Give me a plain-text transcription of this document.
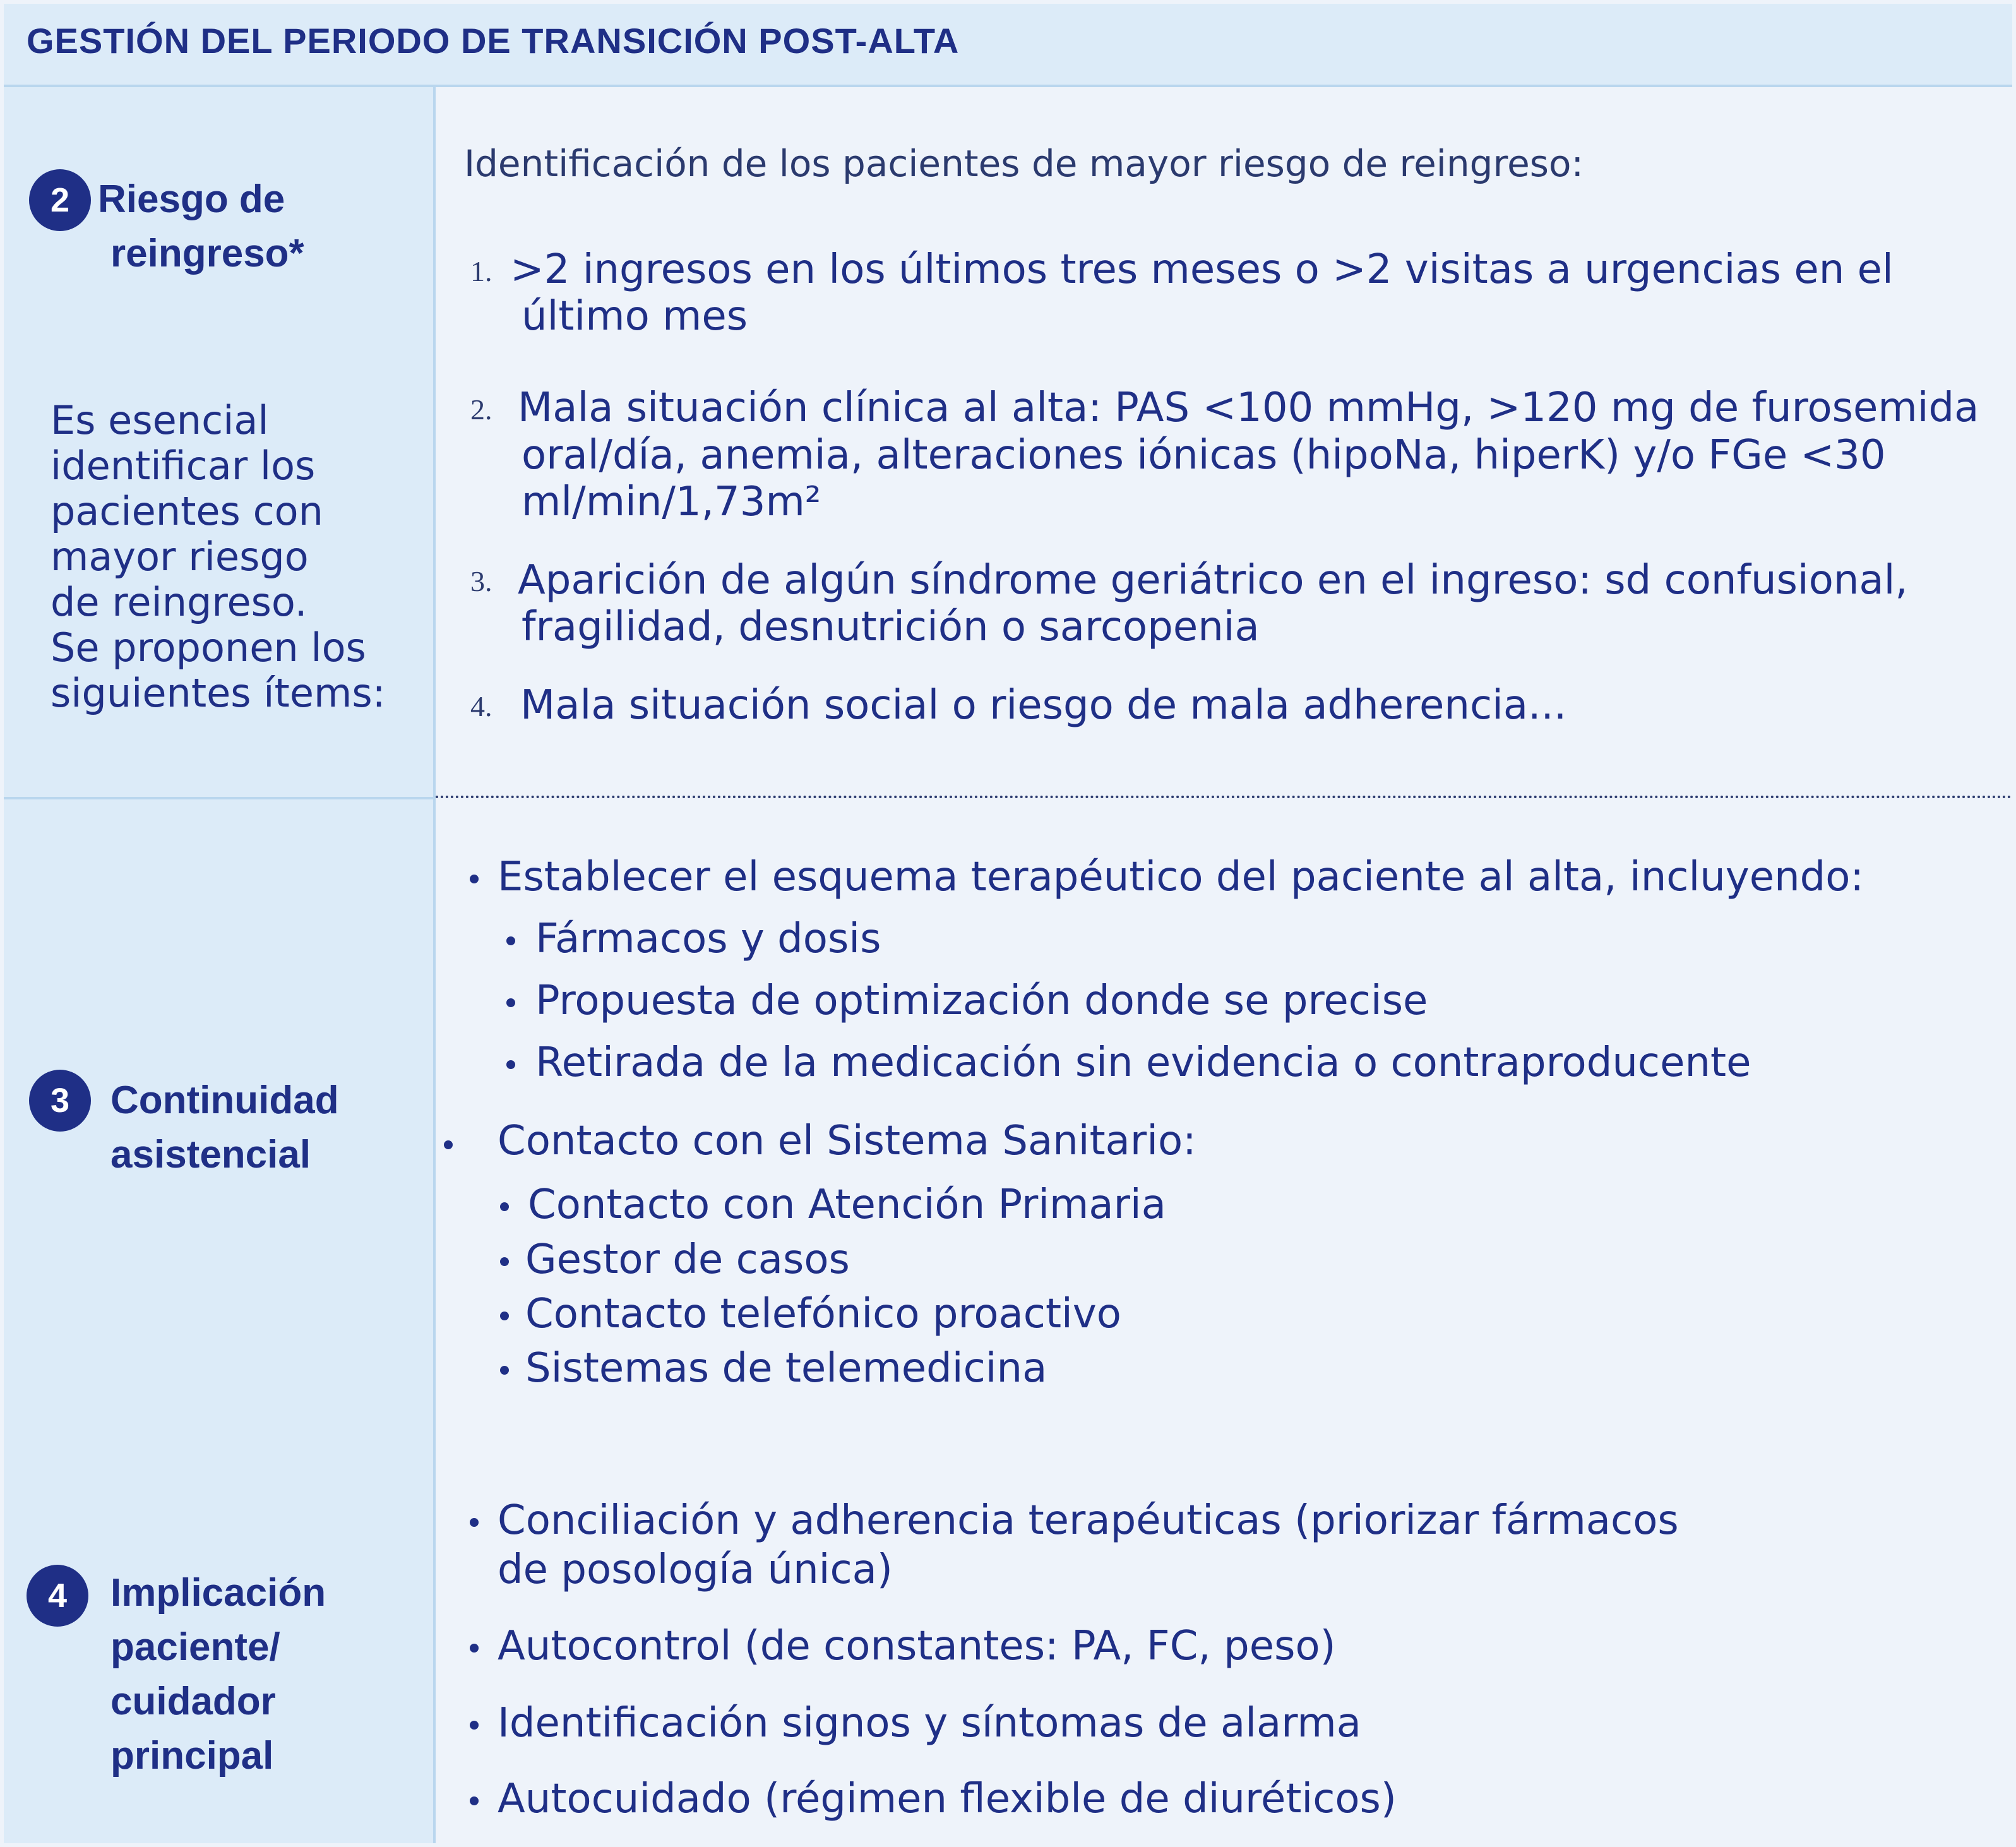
GESTIÓN DEL PERIODO DE TRANSICIÓN POST-ALTA
2 Riesgo de
reingreso*
Es esencial
identificar los
pacientes con
mayor riesgo
de reingreso.
Se proponen los
siguientes ítems:
Identificación de los pacientes de mayor riesgo de reingreso:
1. >2 ingresos en los últimos tres meses o >2 visitas a urgencias en el
último mes
2. Mala situación clínica al alta: PAS <100 mmHg, >120 mg de furosemida
oral/día, anemia, alteraciones iónicas (hipoNa, hiperK) y/o FGe <30
ml/min/1,73m²
3. Aparición de algún síndrome geriátrico en el ingreso: sd confusional,
fragilidad, desnutrición o sarcopenia
4. Mala situación social o riesgo de mala adherencia...
3	Continuidad
asistencial
Establecer el esquema terapéutico del paciente al alta, incluyendo:
Fármacos y dosis
Propuesta de optimización donde se precise
Retirada de la medicación sin evidencia o contraproducente
Contacto con el Sistema Sanitario:
Contacto con Atención Primaria
Gestor de casos
Contacto telefónico proactivo
Sistemas de telemedicina
4	Implicación
paciente/
cuidador
principal
Conciliación y adherencia terapéuticas (priorizar fármacos
de posología única)
Autocontrol (de constantes: PA, FC, peso)
Identificación signos y síntomas de alarma
Autocuidado (régimen flexible de diuréticos)
